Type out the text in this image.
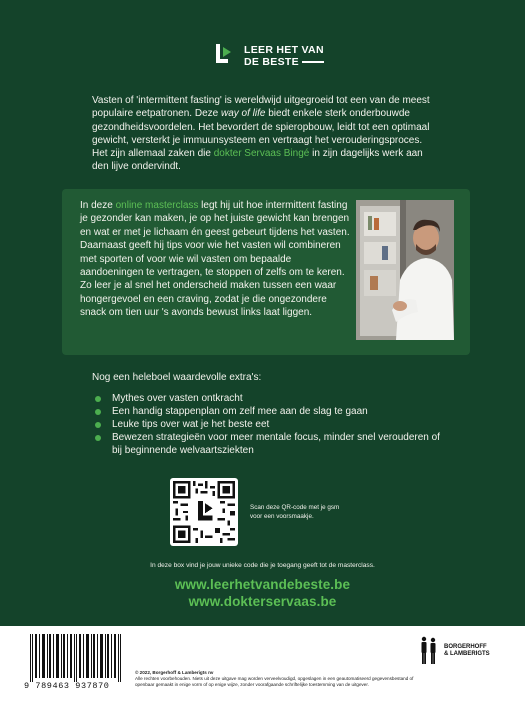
LEER HET VAN
DE BESTE

Vasten of 'intermittent fasting' is wereldwijd uitgegroeid tot een van de meest populaire eetpatronen. Deze way of life biedt enkele sterk onderbouwde gezondheidsvoordelen. Het bevordert de spieropbouw, leidt tot een optimaal gewicht, versterkt je immuunsysteem en vertraagt het verouderingsproces. Het zijn allemaal zaken die dokter Servaas Bingé in zijn dagelijks werk aan den lijve ondervindt.

In deze online masterclass legt hij uit hoe intermittent fasting je gezonder kan maken, je op het juiste gewicht kan brengen en wat er met je lichaam én geest gebeurt tijdens het vasten. Daarnaast geeft hij tips voor wie het vasten wil combineren met sporten of voor wie wil vasten om bepaalde aandoeningen te vertragen, te stoppen of zelfs om te keren. Zo leer je al snel het onderscheid maken tussen een waar hongergevoel en een craving, zodat je die ongezondere snack om tien uur 's avonds bewust links laat liggen.

Nog een heleboel waardevolle extra's:
Mythes over vasten ontkracht
Een handig stappenplan om zelf mee aan de slag te gaan
Leuke tips over wat je het beste eet
Bewezen strategieën voor meer mentale focus, minder snel verouderen of bij beginnende welvaartsziekten
Scan deze QR-code met je gsm
voor een voorsmaakje.
In deze box vind je jouw unieke code die je toegang geeft tot de masterclass.
www.leerhetvandebeste.be
www.dokterservaas.be
9 789463 937870
© 2022, Borgerhoff & Lamberigts nv
Alle rechten voorbehouden. Niets uit deze uitgave mag worden verveelvoudigd, opgeslagen in een geautomatiseerd gegevensbestand of
openbaar gemaakt in enige vorm of op enige wijze, zonder voorafgaande schriftelijke toestemming van de uitgever.
BORGERHOFF
& LAMBERIGTS
